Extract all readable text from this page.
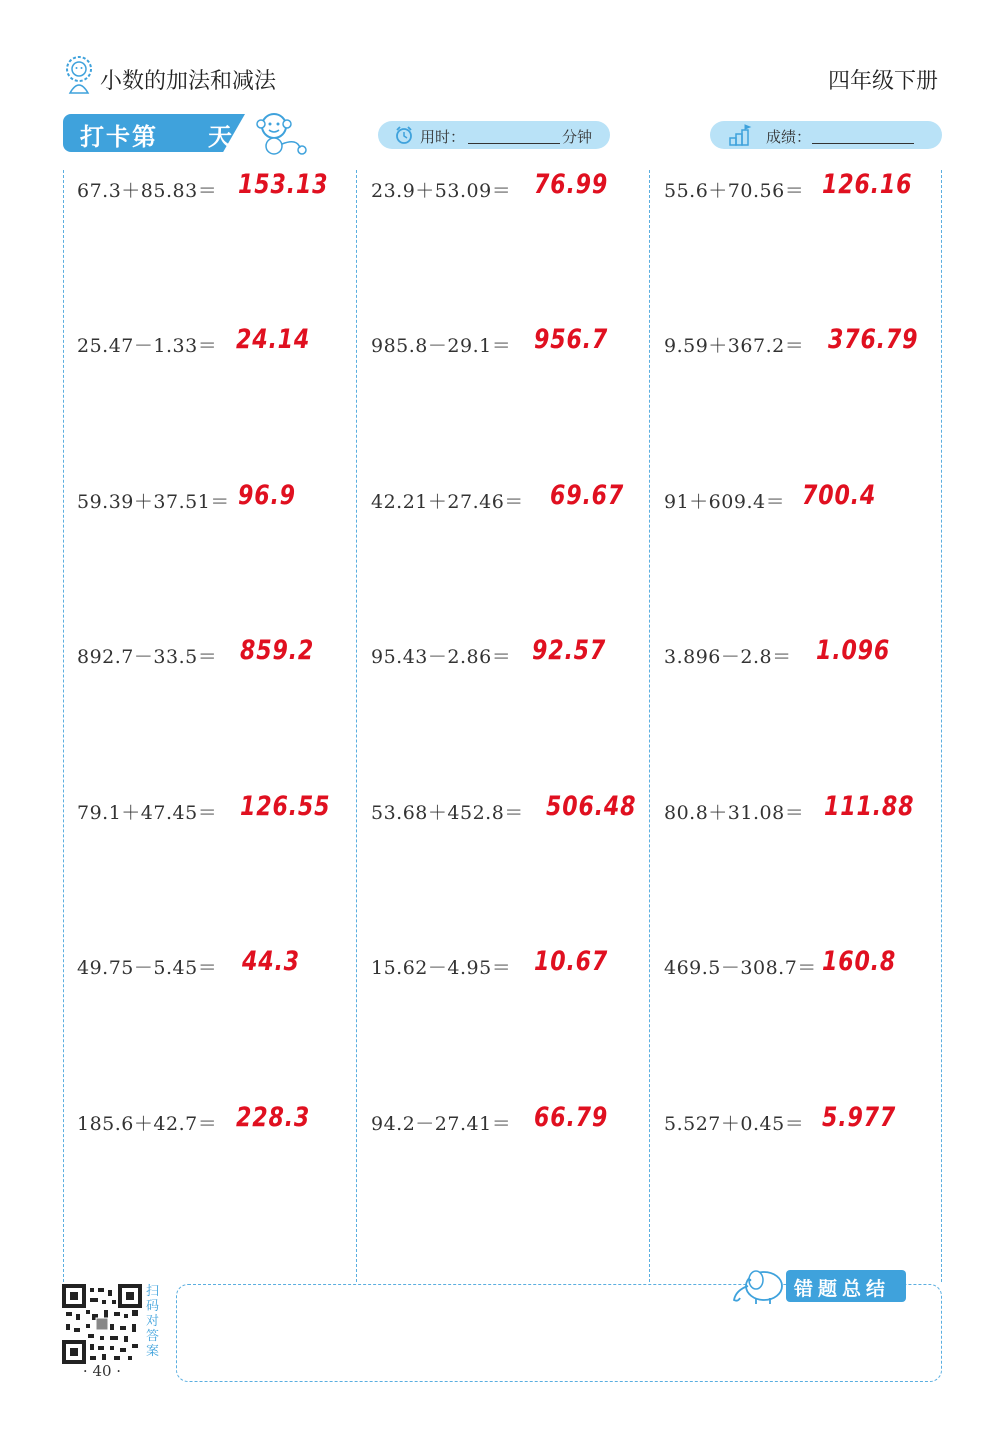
小数的加法和减法	四年级下册
打卡第 天	用时：	分钟	成绩：
67.3＋85.83＝ 153.13
25.47－1.33＝ 24.14
59.39＋37.51＝ 96.9
892.7－33.5＝ 859.2
79.1＋47.45＝ 126.55
49.75－5.45＝ 44.3
185.6＋42.7＝ 228.3
23.9＋53.09＝ 76.99
985.8－29.1＝ 956.7
42.21＋27.46＝ 69.67
95.43－2.86＝ 92.57
53.68＋452.8＝ 506.48
15.62－4.95＝ 10.67
94.2－27.41＝ 66.79
55.6＋70.56＝ 126.16
9.59＋367.2＝ 376.79
91＋609.4＝ 700.4
3.896－2.8＝ 1.096
80.8＋31.08＝ 111.88
469.5－308.7＝ 160.8
5.527＋0.45＝ 5.977
扫码对答案
· 40 ·
错题总结
